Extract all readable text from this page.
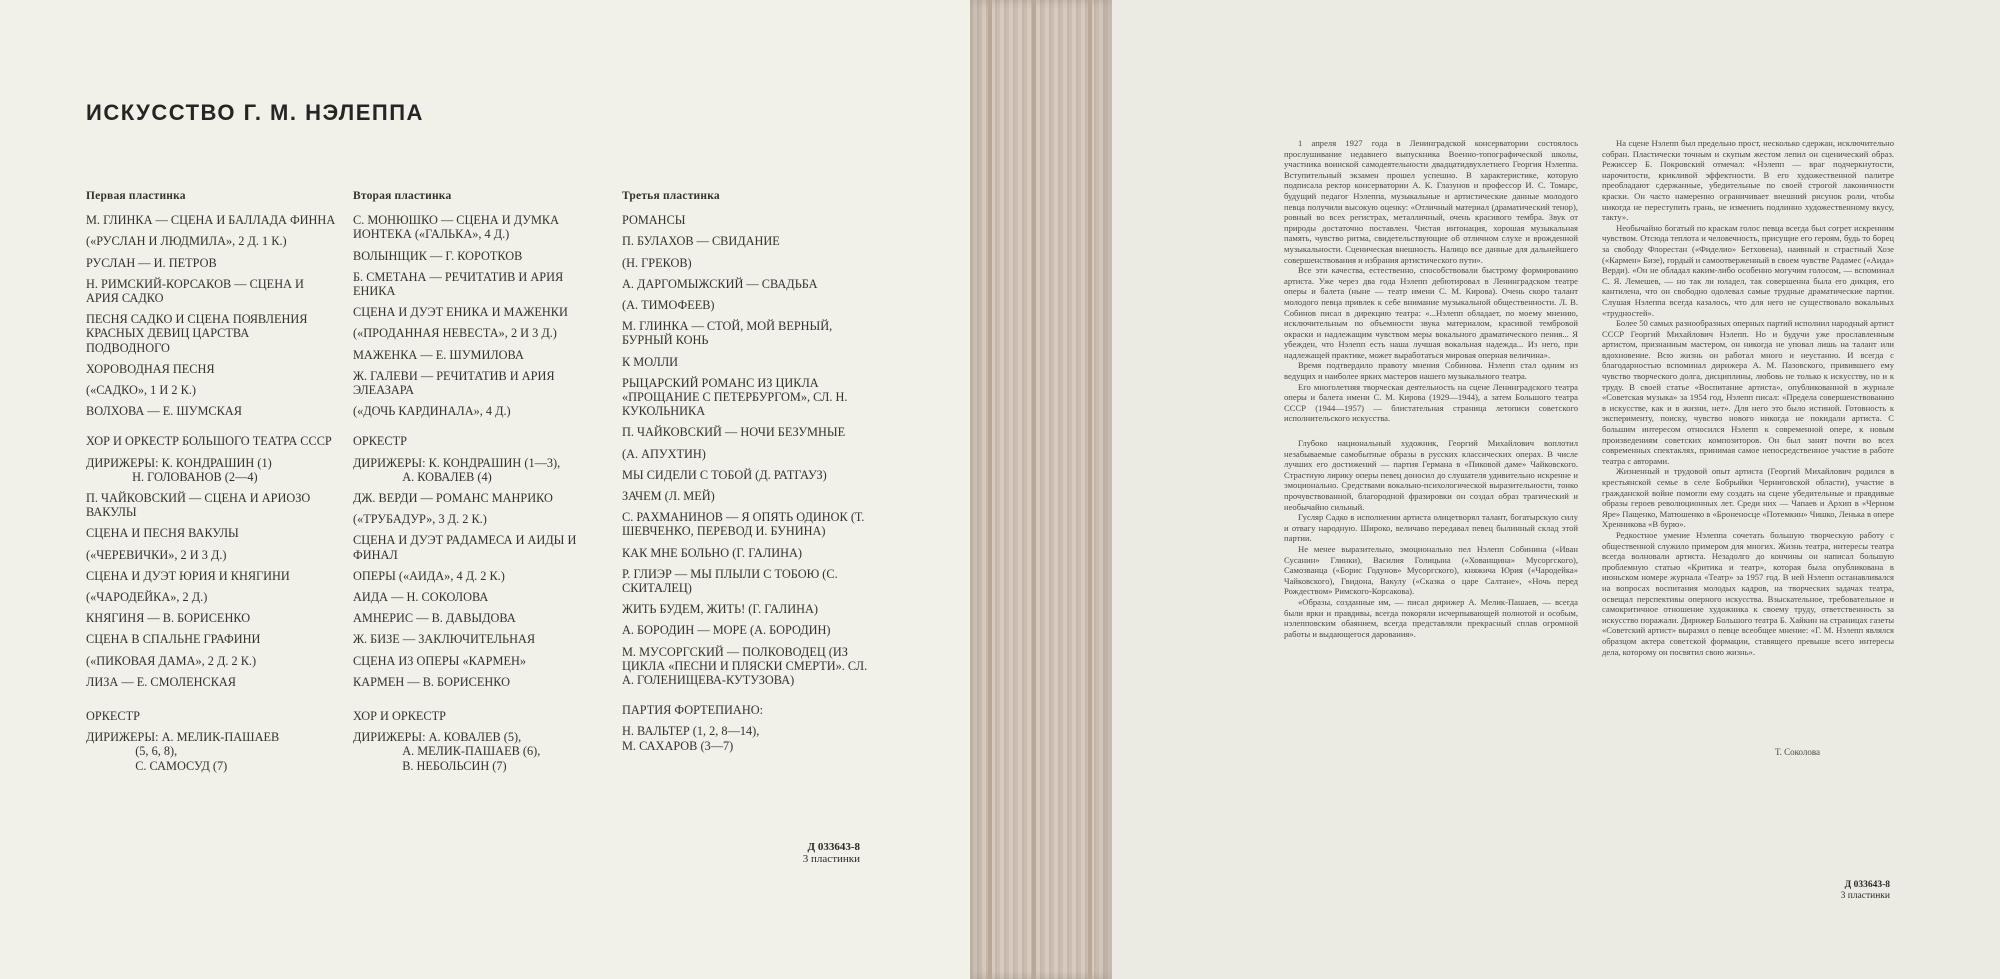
ИСКУССТВО Г. М. НЭЛЕППА
Первая пластинка
М. ГЛИНКА — СЦЕНА И БАЛЛАДА ФИННА
(«РУСЛАН И ЛЮДМИЛА», 2 Д. 1 К.)
РУСЛАН — И. ПЕТРОВ
Н. РИМСКИЙ-КОРСАКОВ — СЦЕНА И АРИЯ САДКО
ПЕСНЯ САДКО И СЦЕНА ПОЯВЛЕНИЯ КРАСНЫХ ДЕВИЦ ЦАРСТВА ПОДВОДНОГО
ХОРОВОДНАЯ ПЕСНЯ
(«САДКО», 1 И 2 К.)
ВОЛХОВА — Е. ШУМСКАЯ
ХОР И ОРКЕСТР БОЛЬШОГО ТЕАТРА СССР
ДИРИЖЕРЫ: К. КОНДРАШИН (1)
Н. ГОЛОВАНОВ (2—4)
П. ЧАЙКОВСКИЙ — СЦЕНА И АРИОЗО ВАКУЛЫ
СЦЕНА И ПЕСНЯ ВАКУЛЫ
(«ЧЕРЕВИЧКИ», 2 И 3 Д.)
СЦЕНА И ДУЭТ ЮРИЯ И КНЯГИНИ
(«ЧАРОДЕЙКА», 2 Д.)
КНЯГИНЯ — В. БОРИСЕНКО
СЦЕНА В СПАЛЬНЕ ГРАФИНИ
(«ПИКОВАЯ ДАМА», 2 Д. 2 К.)
ЛИЗА — Е. СМОЛЕНСКАЯ
ОРКЕСТР
ДИРИЖЕРЫ: А. МЕЛИК-ПАШАЕВ
(5, 6, 8),
С. САМОСУД (7)
Вторая пластинка
С. МОНЮШКО — СЦЕНА И ДУМКА ИОНТЕКА («ГАЛЬКА», 4 Д.)
ВОЛЫНЩИК — Г. КОРОТКОВ
Б. СМЕТАНА — РЕЧИТАТИВ И АРИЯ ЕНИКА
СЦЕНА И ДУЭТ ЕНИКА И МАЖЕНКИ
(«ПРОДАННАЯ НЕВЕСТА», 2 И 3 Д.)
МАЖЕНКА — Е. ШУМИЛОВА
Ж. ГАЛЕВИ — РЕЧИТАТИВ И АРИЯ ЭЛЕАЗАРА
(«ДОЧЬ КАРДИНАЛА», 4 Д.)
ОРКЕСТР
ДИРИЖЕРЫ: К. КОНДРАШИН (1—3),
А. КОВАЛЕВ (4)
ДЖ. ВЕРДИ — РОМАНС МАНРИКО
(«ТРУБАДУР», 3 Д. 2 К.)
СЦЕНА И ДУЭТ РАДАМЕСА И АИДЫ И ФИНАЛ
ОПЕРЫ («АИДА», 4 Д. 2 К.)
АИДА — Н. СОКОЛОВА
АМНЕРИС — В. ДАВЫДОВА
Ж. БИЗЕ — ЗАКЛЮЧИТЕЛЬНАЯ
СЦЕНА ИЗ ОПЕРЫ «КАРМЕН»
КАРМЕН — В. БОРИСЕНКО
ХОР И ОРКЕСТР
ДИРИЖЕРЫ: А. КОВАЛЕВ (5),
А. МЕЛИК-ПАШАЕВ (6),
В. НЕБОЛЬСИН (7)
Третья пластинка
РОМАНСЫ
П. БУЛАХОВ — СВИДАНИЕ
(Н. ГРЕКОВ)
А. ДАРГОМЫЖСКИЙ — СВАДЬБА
(А. ТИМОФЕЕВ)
М. ГЛИНКА — СТОЙ, МОЙ ВЕРНЫЙ, БУРНЫЙ КОНЬ
К МОЛЛИ
РЫЦАРСКИЙ РОМАНС ИЗ ЦИКЛА «ПРОЩАНИЕ С ПЕТЕРБУРГОМ», СЛ. Н. КУКОЛЬНИКА
П. ЧАЙКОВСКИЙ — НОЧИ БЕЗУМНЫЕ
(А. АПУХТИН)
МЫ СИДЕЛИ С ТОБОЙ (Д. РАТГАУЗ)
ЗАЧЕМ (Л. МЕЙ)
С. РАХМАНИНОВ — Я ОПЯТЬ ОДИНОК (Т. ШЕВЧЕНКО, ПЕРЕВОД И. БУНИНА)
КАК МНЕ БОЛЬНО (Г. ГАЛИНА)
Р. ГЛИЭР — МЫ ПЛЫЛИ С ТОБОЮ (С. СКИТАЛЕЦ)
ЖИТЬ БУДЕМ, ЖИТЬ! (Г. ГАЛИНА)
А. БОРОДИН — МОРЕ (А. БОРОДИН)
М. МУСОРГСКИЙ — ПОЛКОВОДЕЦ (ИЗ ЦИКЛА «ПЕСНИ И ПЛЯСКИ СМЕРТИ». СЛ. А. ГОЛЕНИЩЕВА-КУТУЗОВА)
ПАРТИЯ ФОРТЕПИАНО:
Н. ВАЛЬТЕР (1, 2, 8—14),
М. САХАРОВ (3—7)
Д 033643-8
3 пластинки

1 апреля 1927 года в Ленинградской консерватории состоялось прослушивание недавнего выпускника Военно-топографической школы, участника воинской самодеятельности двадцатидвухлетнего Георгия Нэлеппа. Вступительный экзамен прошел успешно. В характеристике, которую подписала ректор консерватории А. К. Глазунов и профессор И. С. Томарс, будущий педагог Нэлеппа, музыкальные и артистические данные молодого певца получили высокую оценку: «Отличный материал (драматический тенор), ровный во всех регистрах, металличный, очень красивого тембра. Звук от природы достаточно поставлен. Чистая интонация, хорошая музыкальная память, чувство ритма, свидетельствующие об отличном слухе и врожденной музыкальности. Сценическая внешность. Налицо все данные для дальнейшего совершенствования и избрания артистического пути».

Все эти качества, естественно, способствовали быстрому формированию артиста. Уже через два года Нэлепп дебютировал в Ленинградском театре оперы и балета (ныне — театр имени С. М. Кирова). Очень скоро талант молодого певца привлек к себе внимание музыкальной общественности. Л. В. Собинов писал в дирекцию театра: «...Нэлепп обладает, по моему мнению, исключительным по объемности звука материалом, красивой тембровой окраски и надлежащим чувством меры вокального драматического пения... Я убежден, что Нэлепп есть наша лучшая вокальная надежда... Из него, при надлежащей практике, может выработаться мировая оперная величина».

Время подтвердило правоту мнения Собинова. Нэлепп стал одним из ведущих и наиболее ярких мастеров нашего музыкального театра.

Его многолетняя творческая деятельность на сцене Ленинградского театра оперы и балета имени С. М. Кирова (1929—1944), а затем Большого театра СССР (1944—1957) — блистательная страница летописи советского исполнительского искусства.

Глубоко национальный художник, Георгий Михайлович воплотил незабываемые самобытные образы в русских классических операх. В числе лучших его достижений — партия Германа в «Пиковой даме» Чайковского. Страстную лирику оперы певец доносил до слушателя удивительно искренне и эмоционально. Средствами вокально-психологической выразительности, тонко прочувствованной, благородной фразировки он создал образ трагический и необычайно сильный.

Гусляр Садко в исполнении артиста олицетворял талант, богатырскую силу и отвагу народную. Широко, величаво передавал певец былинный склад этой партии.

Не менее выразительно, эмоционально пел Нэлепп Собинина («Иван Сусанин» Глинки), Василия Голицына («Хованщина» Мусоргского), Самозванца («Борис Годунов» Мусоргского), княжича Юрия («Чародейка» Чайковского), Гвидона, Вакулу («Сказка о царе Салтане», «Ночь перед Рождеством» Римского-Корсакова).

«Образы, созданные им, — писал дирижер А. Мелик-Пашаев, — всегда были ярки и правдивы, всегда покоряли исчерпывающей полнотой и особым, нэлепповским обаянием, всегда представляли прекрасный сплав огромной работы и выдающегося дарования».

На сцене Нэлепп был предельно прост, несколько сдержан, исключительно собран. Пластически точным и скупым жестом лепил он сценический образ. Режиссер Б. Покровский отмечал: «Нэлепп — враг подчеркнутости, нарочитости, крикливой эффектности. В его художественной палитре преобладают сдержанные, убедительные по своей строгой лаконичности краски. Он часто намеренно ограничивает внешний рисунок роли, чтобы никогда не переступить грань, не изменить подлинно художественному вкусу, такту».

Необычайно богатый по краскам голос певца всегда был согрет искренним чувством. Отсюда теплота и человечность, присущие его героям, будь то борец за свободу Флорестан («Фиделио» Бетховена), наивный и страстный Хозе («Кармен» Бизе), гордый и самоотверженный в своем чувстве Радамес («Аида» Верди). «Он не обладал каким-либо особенно могучим голосом, — вспоминал С. Я. Лемешев, — но так ли юладел, так совершенна была его дикция, его кантилена, что он свободно одолевал самые трудные драматические партии. Слушая Нэлеппа всегда казалось, что для него не существовало вокальных «трудностей».

Более 50 самых разнообразных оперных партий исполнил народный артист СССР Георгий Михайлович Нэлепп. Но и будучи уже прославленным артистом, признанным мастером, он никогда не уповал лишь на талант или вдохновение. Всю жизнь он работал много и неустанно. И всегда с благодарностью вспоминал дирижера А. М. Пазовского, привившего ему чувство творческого долга, дисциплины, любовь не только к искусству, но и к труду. В своей статье «Воспитание артиста», опубликованной в журнале «Советская музыка» за 1954 год, Нэлепп писал: «Предела совершенствованию в искусстве, как и в жизни, нет». Для него это было истиной. Готовность к эксперименту, поиску, чувство нового никогда не покидали артиста. С большим интересом относился Нэлепп к современной опере, к новым произведениям советских композиторов. Он был занят почти во всех современных спектаклях, принимая самое непосредственное участие в работе театра с авторами.

Жизненный и трудовой опыт артиста (Георгий Михайлович родился в крестьянской семье в селе Бобрыйки Черниговской области), участие в гражданской войне помогли ему создать на сцене убедительные и правдивые образы героев революционных лет. Среди них — Чапаев и Архип в «Черном Яре» Пащенко, Матюшенко в «Броненосце «Потемкин» Чишко, Ленька в опере Хренникова «В бурю».

Редкостное умение Нэлеппа сочетать большую творческую работу с общественной служило примером для многих. Жизнь театра, интересы театра всегда волновали артиста. Незадолго до кончины он написал большую проблемную статью «Критика и театр», которая была опубликована в июньском номере журнала «Театр» за 1957 год. В ней Нэлепп останавливался на вопросах воспитания молодых кадров, на творческих задачах театра, освещал перспективы оперного искусства. Взыскательное, требовательное и самокритичное отношение художника к своему труду, ответственность за искусство поражали. Дирижер Большого театра Б. Хайкин на страницах газеты «Советский артист» выразил о певце всеобщее мнение: «Г. М. Нэлепп являлся образцом актера советской формации, ставящего превыше всего интересы дела, которому он посвятил свою жизнь».

Т. Соколова
Д 033643-8
3 пластинки
